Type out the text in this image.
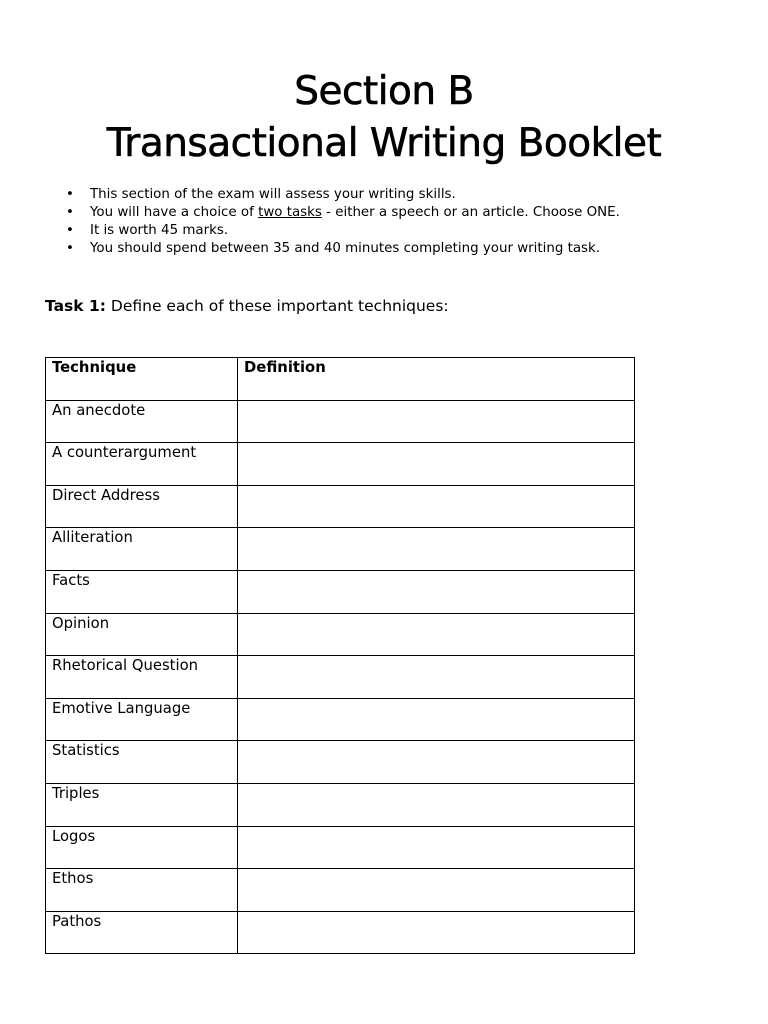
Section B
Transactional Writing Booklet
• This section of the exam will assess your writing skills.
• You will have a choice of two tasks - either a speech or an article. Choose ONE.
• It is worth 45 marks.
• You should spend between 35 and 40 minutes completing your writing task.
Task 1: Define each of these important techniques:
Technique	Definition
An anecdote	
A counterargument	
Direct Address	
Alliteration	
Facts	
Opinion	
Rhetorical Question	
Emotive Language	
Statistics	
Triples	
Logos	
Ethos	
Pathos	
